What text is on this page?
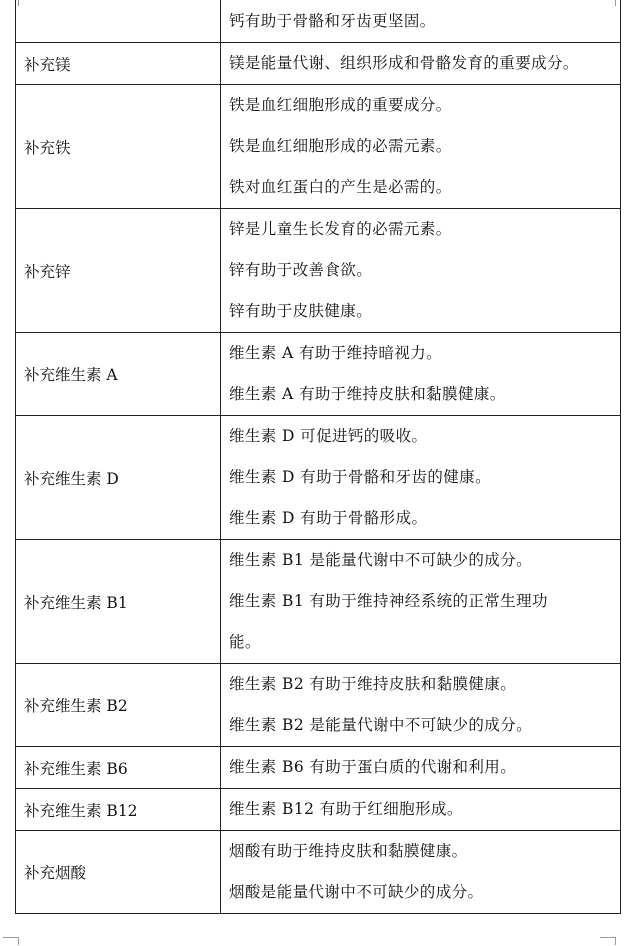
	钙有助于骨骼和牙齿更坚固。

补充镁	镁是能量代谢、组织形成和骨骼发育的重要成分。

补充铁	铁是血红细胞形成的重要成分。
铁是血红细胞形成的必需元素。
铁对血红蛋白的产生是必需的。

补充锌	锌是儿童生长发育的必需元素。
锌有助于改善食欲。
锌有助于皮肤健康。

补充维生素 A	维生素 A 有助于维持暗视力。
维生素 A 有助于维持皮肤和黏膜健康。

补充维生素 D	维生素 D 可促进钙的吸收。
维生素 D 有助于骨骼和牙齿的健康。
维生素 D 有助于骨骼形成。

补充维生素 B1	维生素 B1 是能量代谢中不可缺少的成分。
维生素 B1 有助于维持神经系统的正常生理功
能。

补充维生素 B2	维生素 B2 有助于维持皮肤和黏膜健康。
维生素 B2 是能量代谢中不可缺少的成分。

补充维生素 B6	维生素 B6 有助于蛋白质的代谢和利用。

补充维生素 B12	维生素 B12 有助于红细胞形成。

补充烟酸	烟酸有助于维持皮肤和黏膜健康。
烟酸是能量代谢中不可缺少的成分。
